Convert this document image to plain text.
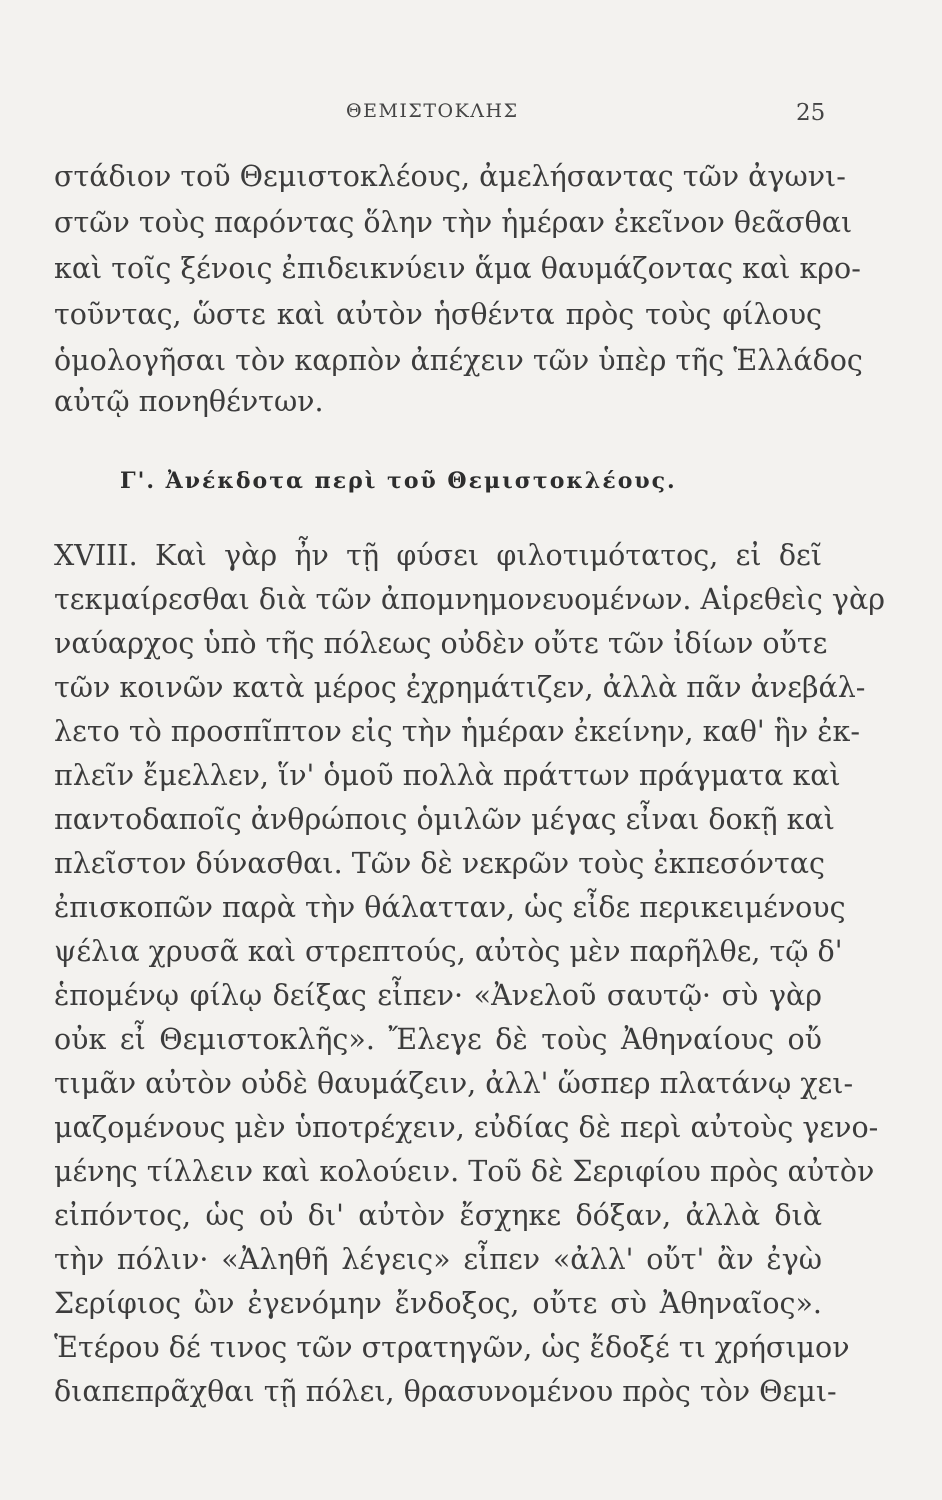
ΘΕΜΙΣΤΟΚΛΗΣ	25
στάδιον τοῦ Θεμιστοκλέους, ἀμελήσαντας τῶν ἀγωνι-
στῶν τοὺς παρόντας ὅλην τὴν ἡμέραν ἐκεῖνον θεᾶσθαι
καὶ τοῖς ξένοις ἐπιδεικνύειν ἅμα θαυμάζοντας καὶ κρο-
τοῦντας, ὥστε καὶ αὐτὸν ἡσθέντα πρὸς τοὺς φίλους
ὁμολογῆσαι τὸν καρπὸν ἀπέχειν τῶν ὑπὲρ τῆς Ἑλλάδος
αὐτῷ πονηθέντων.
Γ'. Ἀνέκδοτα περὶ τοῦ Θεμιστοκλέους.
XVIII. Καὶ γὰρ ἦν τῇ φύσει φιλοτιμότατος, εἰ δεῖ
τεκμαίρεσθαι διὰ τῶν ἀπομνημονευομένων. Αἱρεθεὶς γὰρ
ναύαρχος ὑπὸ τῆς πόλεως οὐδὲν οὔτε τῶν ἰδίων οὔτε
τῶν κοινῶν κατὰ μέρος ἐχρημάτιζεν, ἀλλὰ πᾶν ἀνεβάλ-
λετο τὸ προσπῖπτον εἰς τὴν ἡμέραν ἐκείνην, καθ' ἣν ἐκ-
πλεῖν ἔμελλεν, ἵν' ὁμοῦ πολλὰ πράττων πράγματα καὶ
παντοδαποῖς ἀνθρώποις ὁμιλῶν μέγας εἶναι δοκῇ καὶ
πλεῖστον δύνασθαι. Τῶν δὲ νεκρῶν τοὺς ἐκπεσόντας
ἐπισκοπῶν παρὰ τὴν θάλατταν, ὡς εἶδε περικειμένους
ψέλια χρυσᾶ καὶ στρεπτούς, αὐτὸς μὲν παρῆλθε, τῷ δ'
ἑπομένῳ φίλῳ δείξας εἶπεν· «Ἀνελοῦ σαυτῷ· σὺ γὰρ
οὐκ εἶ Θεμιστοκλῆς». Ἔλεγε δὲ τοὺς Ἀθηναίους οὔ
τιμᾶν αὐτὸν οὐδὲ θαυμάζειν, ἀλλ' ὥσπερ πλατάνῳ χει-
μαζομένους μὲν ὑποτρέχειν, εὐδίας δὲ περὶ αὐτοὺς γενο-
μένης τίλλειν καὶ κολούειν. Τοῦ δὲ Σεριφίου πρὸς αὐτὸν
εἰπόντος, ὡς οὐ δι' αὐτὸν ἔσχηκε δόξαν, ἀλλὰ διὰ
τὴν πόλιν· «Ἀληθῆ λέγεις» εἶπεν «ἀλλ' οὔτ' ἂν ἐγὼ
Σερίφιος ὢν ἐγενόμην ἔνδοξος, οὔτε σὺ Ἀθηναῖος».
Ἑτέρου δέ τινος τῶν στρατηγῶν, ὡς ἔδοξέ τι χρήσιμον
διαπεπρᾶχθαι τῇ πόλει, θρασυνομένου πρὸς τὸν Θεμι-
